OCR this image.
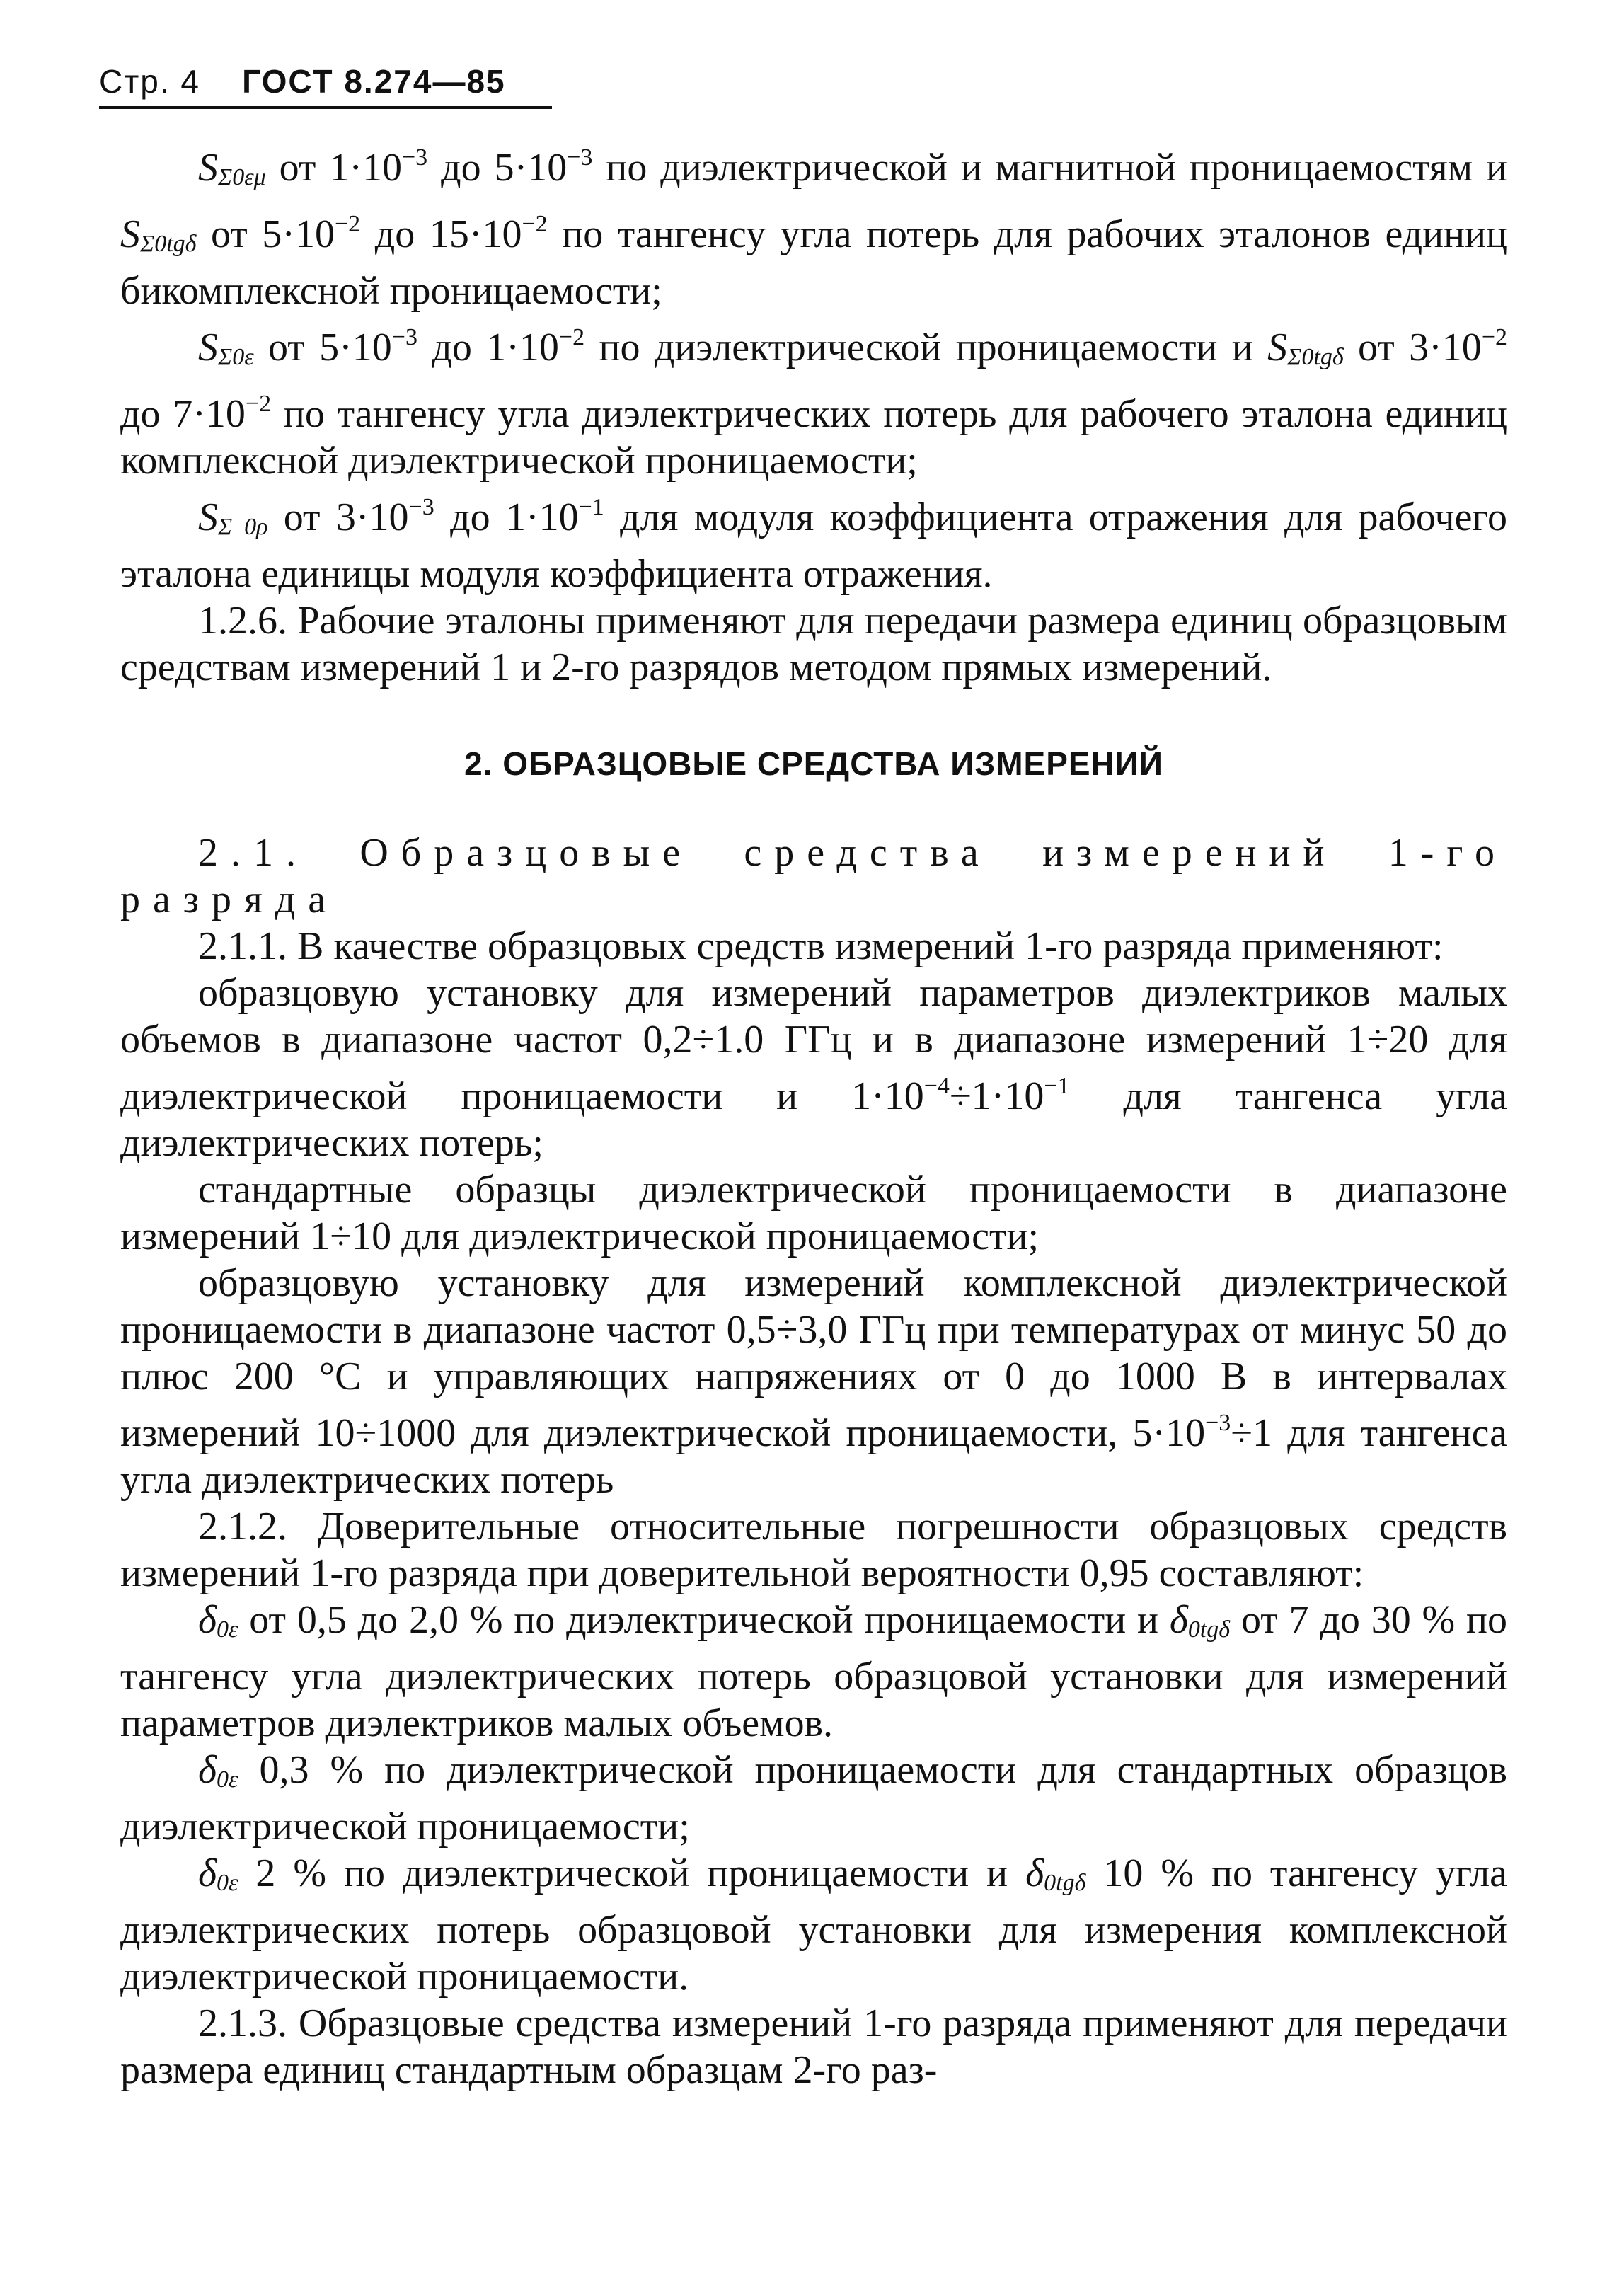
Стр. 4 ГОСТ 8.274—85

SΣ0εμ от $1\cdot 10^{-3}$ до $5\cdot 10^{-3}$ по диэлектрической и магнитной проницаемостям и SΣ0tgδ от $5\cdot 10^{-2}$ до $15\cdot 10^{-2}$ по тангенсу угла потерь для рабочих эталонов единиц бикомплексной проницаемости;

SΣ0ε от $5\cdot 10^{-3}$ до $1\cdot 10^{-2}$ по диэлектрической проницаемости и SΣ0tgδ от $3\cdot 10^{-2}$ до $7\cdot 10^{-2}$ по тангенсу угла диэлектрических потерь для рабочего эталона единиц комплексной диэлектрической проницаемости;

SΣ 0ρ от $3\cdot 10^{-3}$ до $1\cdot 10^{-1}$ для модуля коэффициента отражения для рабочего эталона единицы модуля коэффициента отражения.

1.2.6. Рабочие эталоны применяют для передачи размера единиц образцовым средствам измерений 1 и 2-го разрядов методом прямых измерений.

2. ОБРАЗЦОВЫЕ СРЕДСТВА ИЗМЕРЕНИЙ

2.1. Образцовые средства измерений 1-го разряда

2.1.1. В качестве образцовых средств измерений 1-го разряда применяют:

образцовую установку для измерений параметров диэлектриков малых объемов в диапазоне частот 0,2÷1.0 ГГц и в диапазоне измерений 1÷20 для диэлектрической проницаемости и $1\cdot 10^{-4}\div 1\cdot 10^{-1}$ для тангенса угла диэлектрических потерь;

стандартные образцы диэлектрической проницаемости в диапазоне измерений 1÷10 для диэлектрической проницаемости;

образцовую установку для измерений комплексной диэлектрической проницаемости в диапазоне частот 0,5÷3,0 ГГц при температурах от минус 50 до плюс 200 °С и управляющих напряжениях от 0 до 1000 В в интервалах измерений 10÷1000 для диэлектрической проницаемости, $5\cdot 10^{-3}\div 1$ для тангенса угла диэлектрических потерь

2.1.2. Доверительные относительные погрешности образцовых средств измерений 1-го разряда при доверительной вероятности 0,95 составляют:

δ0ε от 0,5 до 2,0 % по диэлектрической проницаемости и δ0tgδ от 7 до 30 % по тангенсу угла диэлектрических потерь образцовой установки для измерений параметров диэлектриков малых объемов.

δ0ε 0,3 % по диэлектрической проницаемости для стандартных образцов диэлектрической проницаемости;

δ0ε 2 % по диэлектрической проницаемости и δ0tgδ 10 % по тангенсу угла диэлектрических потерь образцовой установки для измерения комплексной диэлектрической проницаемости.

2.1.3. Образцовые средства измерений 1-го разряда применяют для передачи размера единиц стандартным образцам 2-го раз-
